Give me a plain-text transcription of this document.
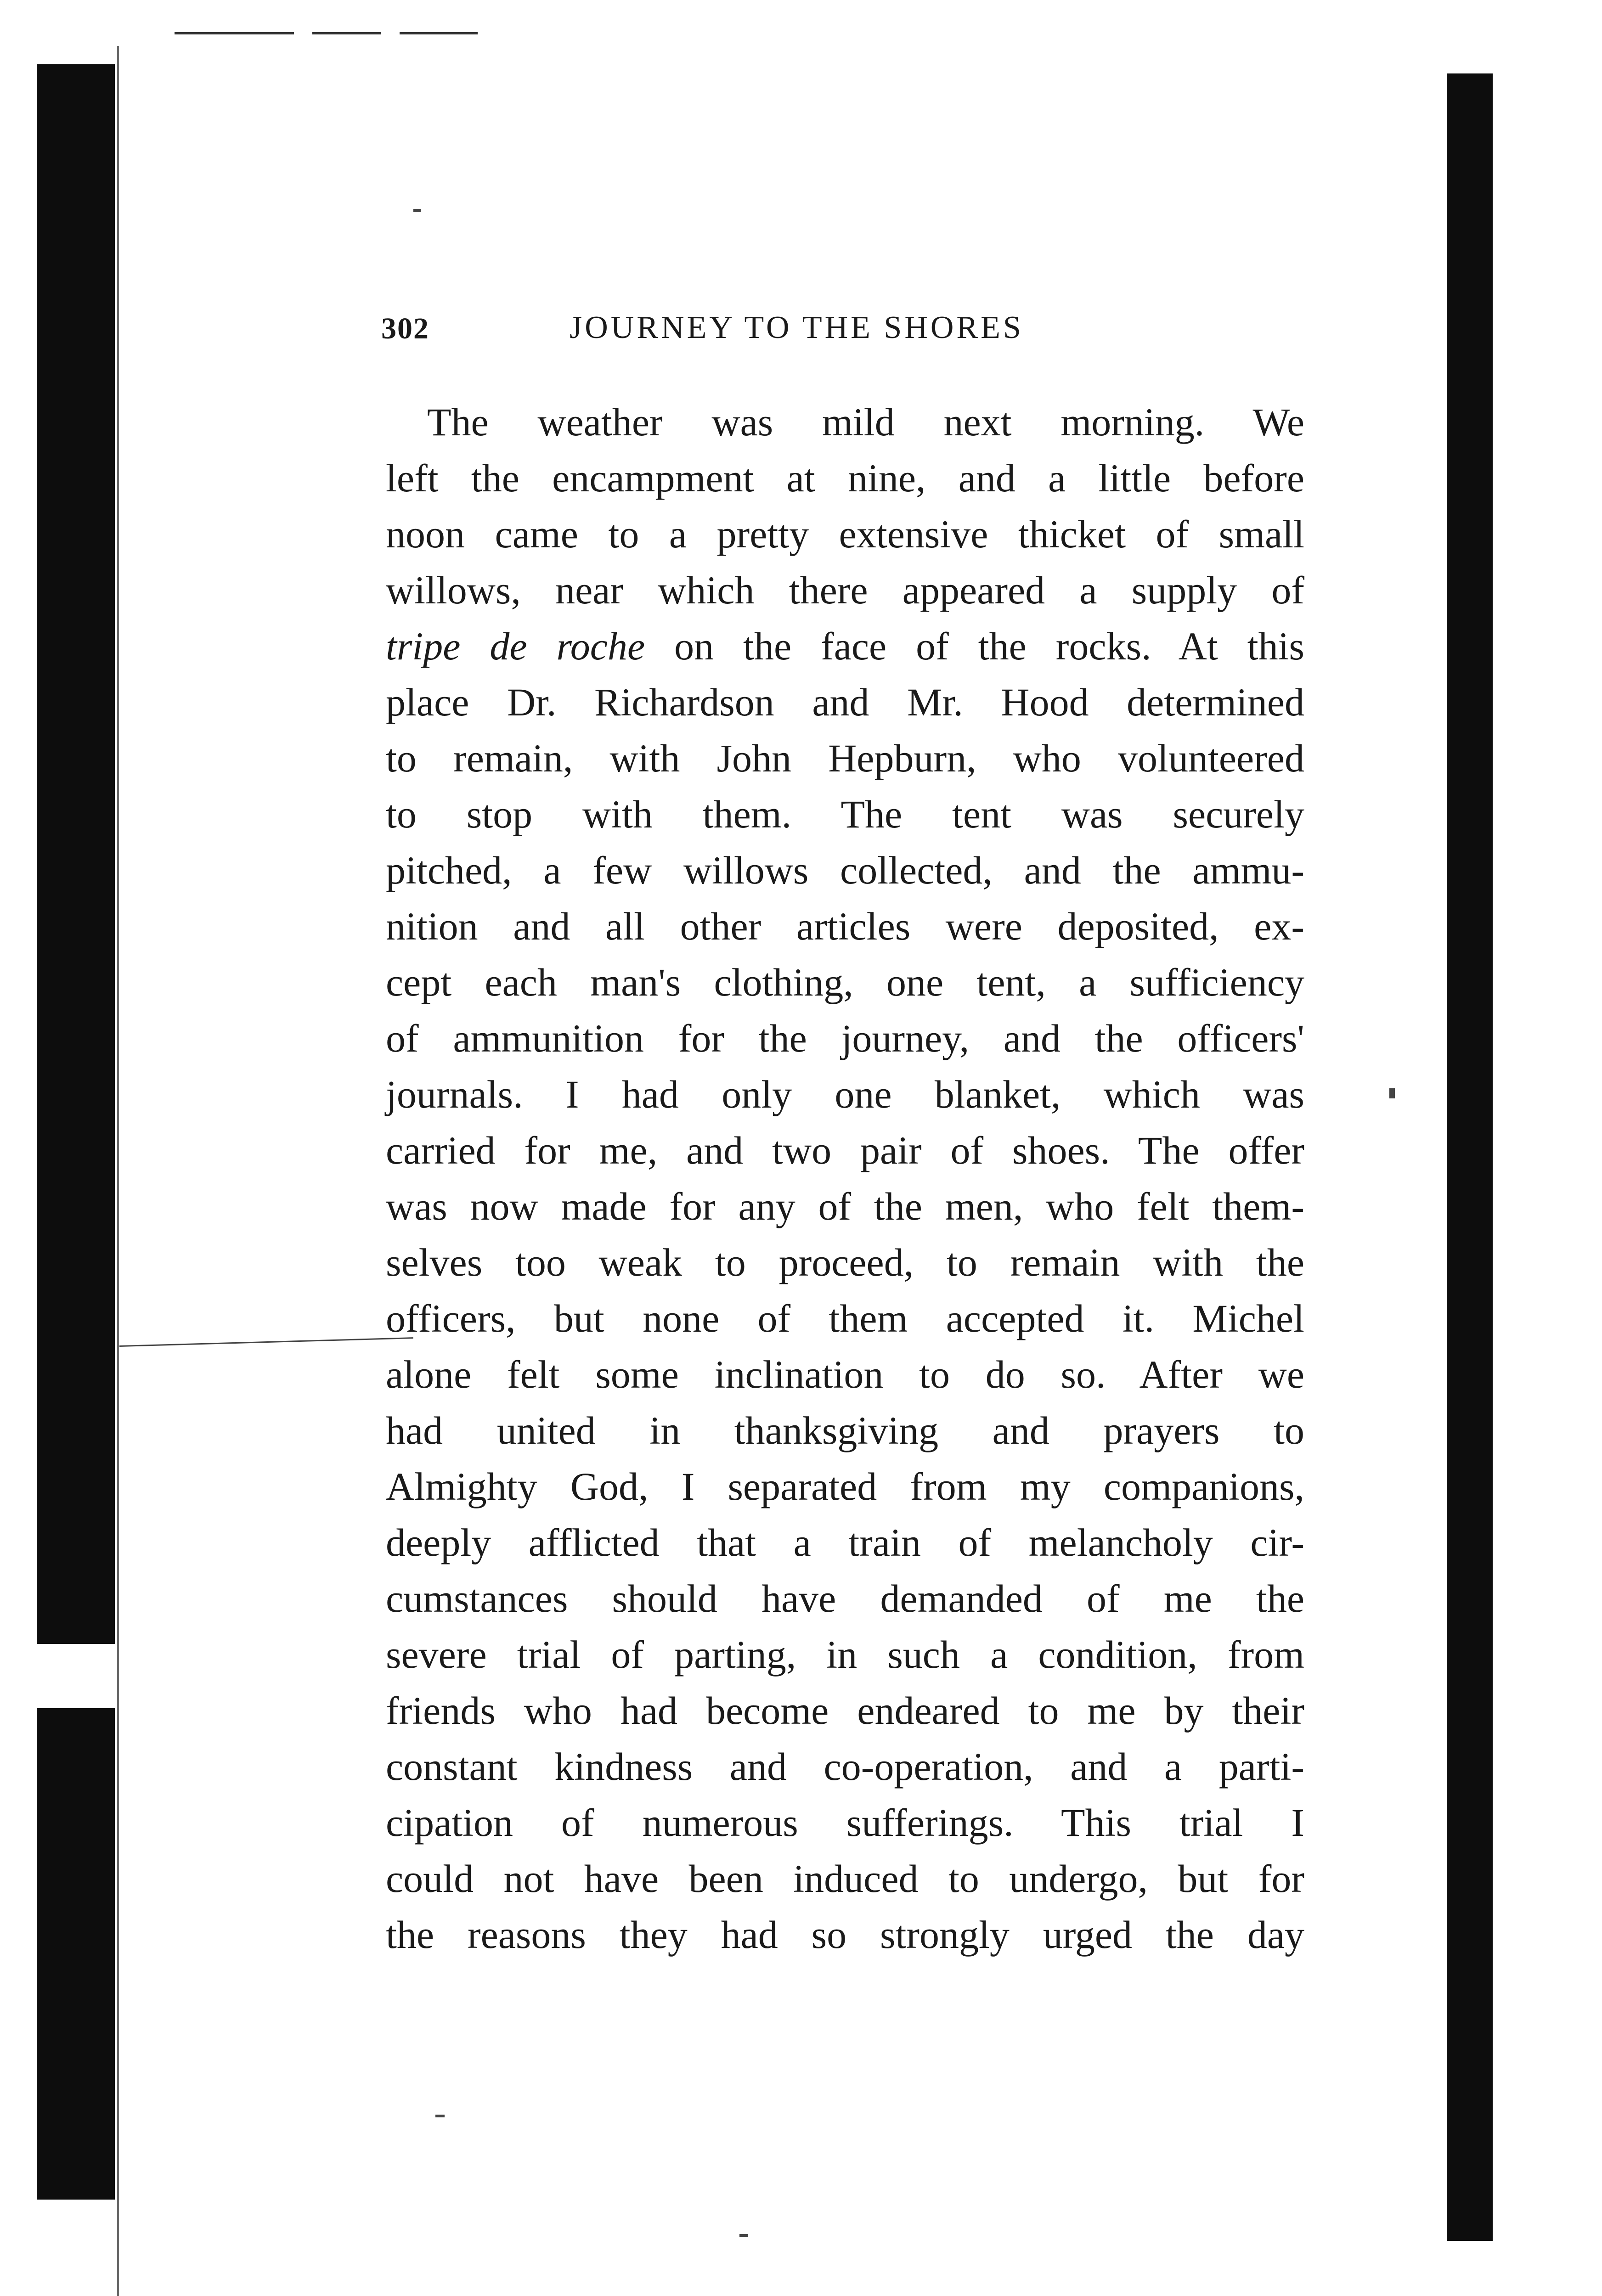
302	JOURNEY TO THE SHORES
The weather was mild next morning. We
left the encampment at nine, and a little before
noon came to a pretty extensive thicket of small
willows, near which there appeared a supply of
tripe de roche on the face of the rocks. At this
place Dr. Richardson and Mr. Hood determined
to remain, with John Hepburn, who volunteered
to stop with them. The tent was securely
pitched, a few willows collected, and the ammu-
nition and all other articles were deposited, ex-
cept each man's clothing, one tent, a sufficiency
of ammunition for the journey, and the officers'
journals. I had only one blanket, which was
carried for me, and two pair of shoes. The offer
was now made for any of the men, who felt them-
selves too weak to proceed, to remain with the
officers, but none of them accepted it. Michel
alone felt some inclination to do so. After we
had united in thanksgiving and prayers to
Almighty God, I separated from my companions,
deeply afflicted that a train of melancholy cir-
cumstances should have demanded of me the
severe trial of parting, in such a condition, from
friends who had become endeared to me by their
constant kindness and co-operation, and a parti-
cipation of numerous sufferings. This trial I
could not have been induced to undergo, but for
the reasons they had so strongly urged the day
